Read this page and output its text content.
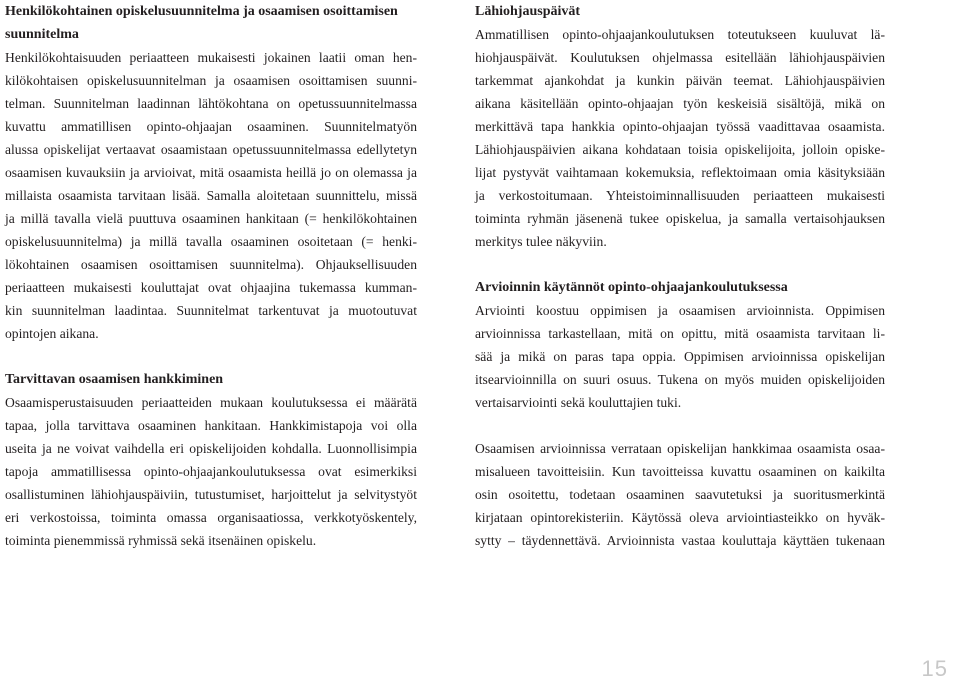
Henkilökohtainen opiskelusuunnitelma ja osaamisen osoittamisen
suunnitelma
Henkilökohtaisuuden periaatteen mukaisesti jokainen laatii oman hen-
kilökohtaisen opiskelusuunnitelman ja osaamisen osoittamisen suunni-
telman. Suunnitelman laadinnan lähtökohtana on opetussuunnitelmassa
kuvattu ammatillisen opinto-ohjaajan osaaminen. Suunnitelmatyön
alussa opiskelijat vertaavat osaamistaan opetussuunnitelmassa edellytetyn
osaamisen kuvauksiin ja arvioivat, mitä osaamista heillä jo on olemassa ja
millaista osaamista tarvitaan lisää. Samalla aloitetaan suunnittelu, missä
ja millä tavalla vielä puuttuva osaaminen hankitaan (= henkilökohtainen
opiskelusuunnitelma) ja millä tavalla osaaminen osoitetaan (= henki-
lökohtainen osaamisen osoittamisen suunnitelma). Ohjauksellisuuden
periaatteen mukaisesti kouluttajat ovat ohjaajina tukemassa kumman-
kin suunnitelman laadintaa. Suunnitelmat tarkentuvat ja muotoutuvat
opintojen aikana.
Tarvittavan osaamisen hankkiminen
Osaamisperustaisuuden periaatteiden mukaan koulutuksessa ei määrätä
tapaa, jolla tarvittava osaaminen hankitaan. Hankkimistapoja voi olla
useita ja ne voivat vaihdella eri opiskelijoiden kohdalla. Luonnollisimpia
tapoja ammatillisessa opinto-ohjaajankoulutuksessa ovat esimerkiksi
osallistuminen lähiohjauspäiviin, tutustumiset, harjoittelut ja selvitystyöt
eri verkostoissa, toiminta omassa organisaatiossa, verkkotyöskentely,
toiminta pienemmissä ryhmissä sekä itsenäinen opiskelu.
Lähiohjauspäivät
Ammatillisen opinto-ohjaajankoulutuksen toteutukseen kuuluvat lä-
hiohjauspäivät. Koulutuksen ohjelmassa esitellään lähiohjauspäivien
tarkemmat ajankohdat ja kunkin päivän teemat. Lähiohjauspäivien
aikana käsitellään opinto-ohjaajan työn keskeisiä sisältöjä, mikä on
merkittävä tapa hankkia opinto-ohjaajan työssä vaadittavaa osaamista.
Lähiohjauspäivien aikana kohdataan toisia opiskelijoita, jolloin opiske-
lijat pystyvät vaihtamaan kokemuksia, reflektoimaan omia käsityksiään
ja verkostoitumaan. Yhteistoiminnallisuuden periaatteen mukaisesti
toiminta ryhmän jäsenenä tukee opiskelua, ja samalla vertaisohjauksen
merkitys tulee näkyviin.
Arvioinnin käytännöt opinto-ohjaajankoulutuksessa
Arviointi koostuu oppimisen ja osaamisen arvioinnista. Oppimisen
arvioinnissa tarkastellaan, mitä on opittu, mitä osaamista tarvitaan li-
sää ja mikä on paras tapa oppia. Oppimisen arvioinnissa opiskelijan
itsearvioinnilla on suuri osuus. Tukena on myös muiden opiskelijoiden
vertaisarviointi sekä kouluttajien tuki.
Osaamisen arvioinnissa verrataan opiskelijan hankkimaa osaamista osaa-
misalueen tavoitteisiin. Kun tavoitteissa kuvattu osaaminen on kaikilta
osin osoitettu, todetaan osaaminen saavutetuksi ja suoritusmerkintä
kirjataan opintorekisteriin. Käytössä oleva arviointiasteikko on hyväk-
sytty – täydennettävä. Arvioinnista vastaa kouluttaja käyttäen tukenaan
15
